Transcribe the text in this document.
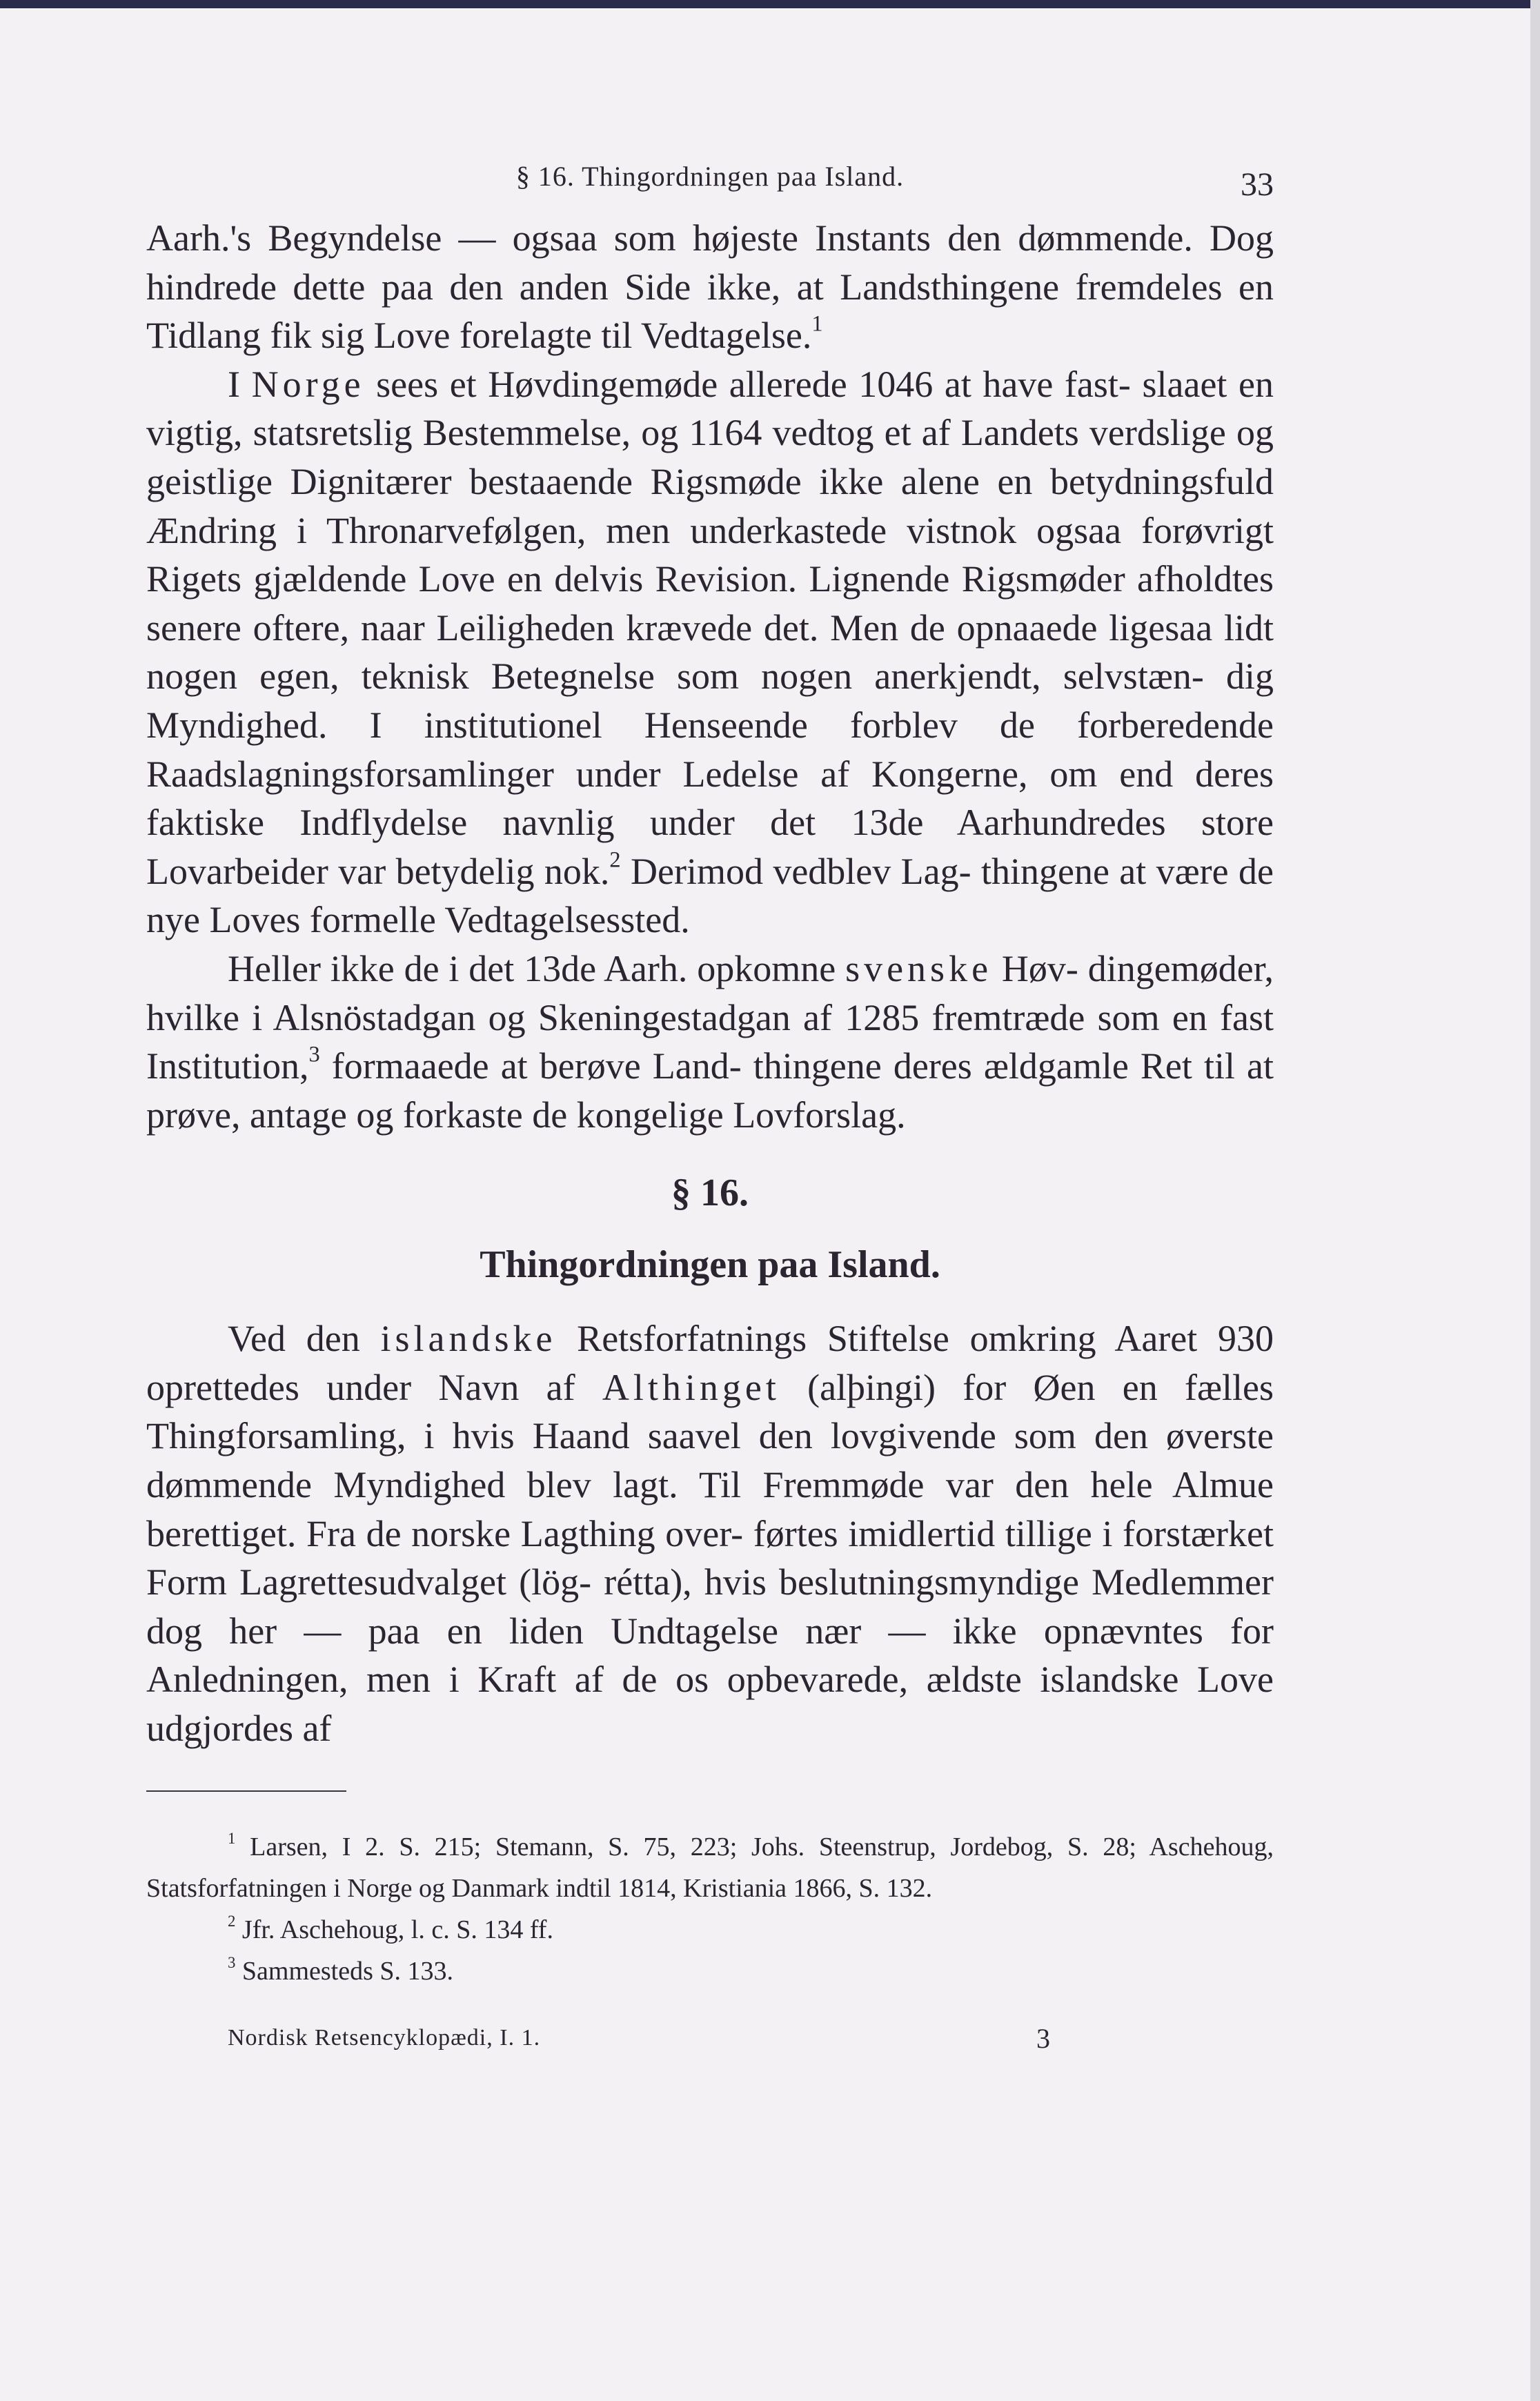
§ 16. Thingordningen paa Island.	33

Aarh.'s Begyndelse — ogsaa som højeste Instants den dømmende. Dog hindrede dette paa den anden Side ikke, at Landsthingene fremdeles en Tidlang fik sig Love forelagte til Vedtagelse.$^1$

I Norge sees et Høvdingemøde allerede 1046 at have fast- slaaet en vigtig, statsretslig Bestemmelse, og 1164 vedtog et af Landets verdslige og geistlige Dignitærer bestaaende Rigsmøde ikke alene en betydningsfuld Ændring i Thronarvefølgen, men underkastede vistnok ogsaa forøvrigt Rigets gjældende Love en delvis Revision. Lignende Rigsmøder afholdtes senere oftere, naar Leiligheden krævede det. Men de opnaaede ligesaa lidt nogen egen, teknisk Betegnelse som nogen anerkjendt, selvstæn- dig Myndighed. I institutionel Henseende forblev de forberedende Raadslagningsforsamlinger under Ledelse af Kongerne, om end deres faktiske Indflydelse navnlig under det 13de Aarhundredes store Lovarbeider var betydelig nok.$^2$ Derimod vedblev Lag- thingene at være de nye Loves formelle Vedtagelsessted.

Heller ikke de i det 13de Aarh. opkomne svenske Høv- dingemøder, hvilke i Alsnöstadgan og Skeningestadgan af 1285 fremtræde som en fast Institution,$^3$ formaaede at berøve Land- thingene deres ældgamle Ret til at prøve, antage og forkaste de kongelige Lovforslag.

§ 16.
Thingordningen paa Island.

Ved den islandske Retsforfatnings Stiftelse omkring Aaret 930 oprettedes under Navn af Althinget (alþingi) for Øen en fælles Thingforsamling, i hvis Haand saavel den lovgivende som den øverste dømmende Myndighed blev lagt. Til Fremmøde var den hele Almue berettiget. Fra de norske Lagthing over- førtes imidlertid tillige i forstærket Form Lagrettesudvalget (lög- rétta), hvis beslutningsmyndige Medlemmer dog her — paa en liden Undtagelse nær — ikke opnævntes for Anledningen, men i Kraft af de os opbevarede, ældste islandske Love udgjordes af

$^1$ Larsen, I 2. S. 215; Stemann, S. 75, 223; Johs. Steenstrup, Jordebog, S. 28; Aschehoug, Statsforfatningen i Norge og Danmark indtil 1814, Kristiania 1866, S. 132.

$^2$ Jfr. Aschehoug, l. c. S. 134 ff.

$^3$ Sammesteds S. 133.

Nordisk Retsencyklopædi, I. 1.	3
